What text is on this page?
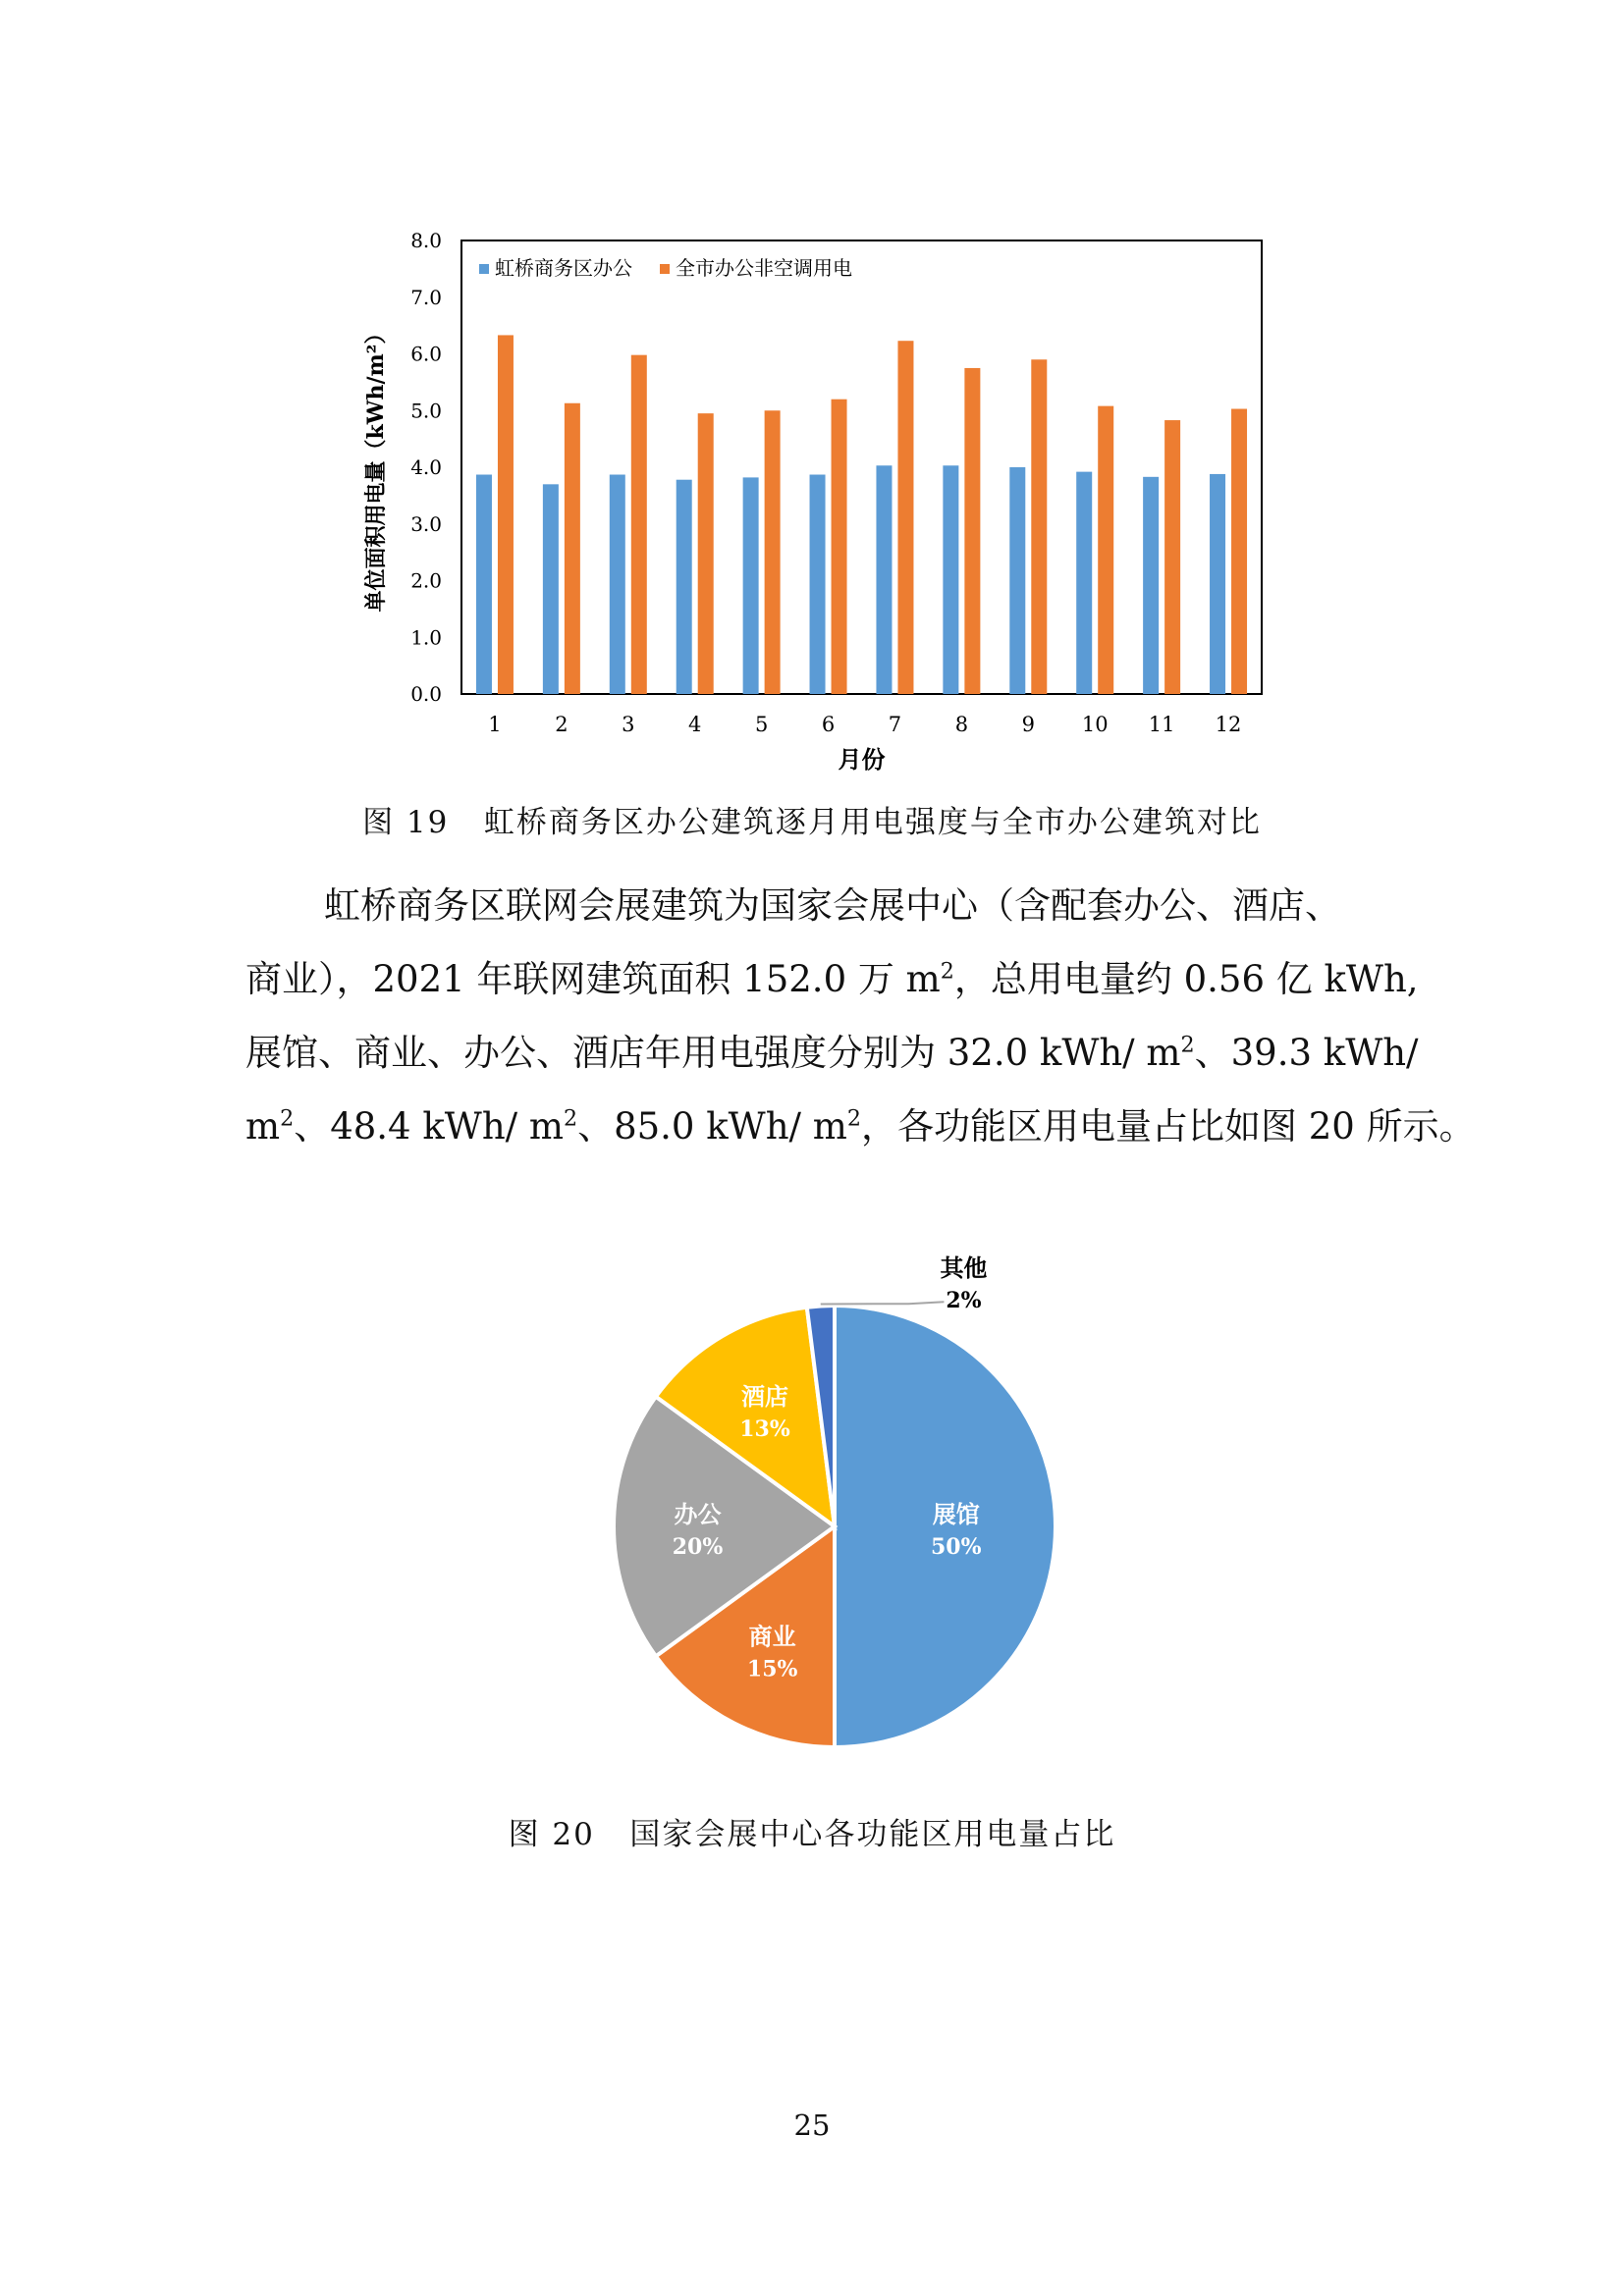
0.0
1.0
2.0
3.0
4.0
5.0
6.0
7.0
8.0
1	2	3	4	5	6	7	8	9 10 11 12
虹桥商务区办公 全市办公非空调用电
月份
单位面积用电量（kWh/m²）
图 19   虹桥商务区办公建筑逐月用电强度与全市办公建筑对比
虹桥商务区联网会展建筑为国家会展中心（含配套办公、酒店、
商业），2021 年联网建筑面积 152.0 万 $m^2$，总用电量约 0.56 亿 kWh,
展馆、商业、办公、酒店年用电强度分别为 32.0 kWh/ $m^2$、39.3 kWh/
$m^2$、48.4 kWh/ $m^2$、85.0 kWh/ $m^2$，各功能区用电量占比如图 20 所示。
展馆
50%
商业
15%
办公
20%
酒店
13%
其他
2%
图 20   国家会展中心各功能区用电量占比
25
